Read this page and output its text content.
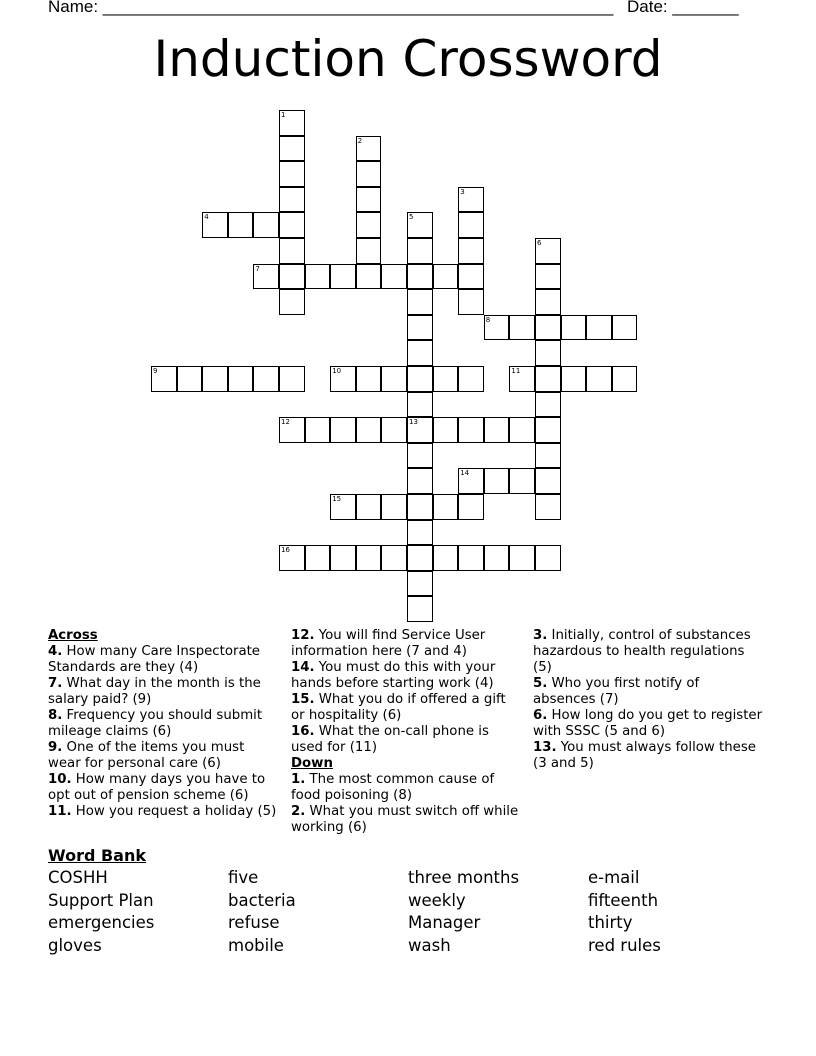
Name: ______________________________________________________ Date: _______
Induction Crossword
1
2
3
4	5
13
6
7
8
9	10	11
12
14
15
16

Across

4. How many Care Inspectorate Standards are they (4)

7. What day in the month is the salary paid? (9)

8. Frequency you should submit mileage claims (6)

9. One of the items you must wear for personal care (6)

10. How many days you have to opt out of pension scheme (6)

11. How you request a holiday (5)

12. You will find Service User information here (7 and 4)

14. You must do this with your hands before starting work (4)

15. What you do if offered a gift or hospitality (6)

16. What the on-call phone is used for (11)

Down

1. The most common cause of food poisoning (8)

2. What you must switch off while working (6)

3. Initially, control of substances hazardous to health regulations (5)

5. Who you first notify of absences (7)

6. How long do you get to register with SSSC (5 and 6)

13. You must always follow these (3 and 5)

Word Bank

COSHH	five	three months	e-mail
Support Plan	bacteria	weekly	fifteenth
emergencies	refuse	Manager	thirty
gloves	mobile	wash	red rules
